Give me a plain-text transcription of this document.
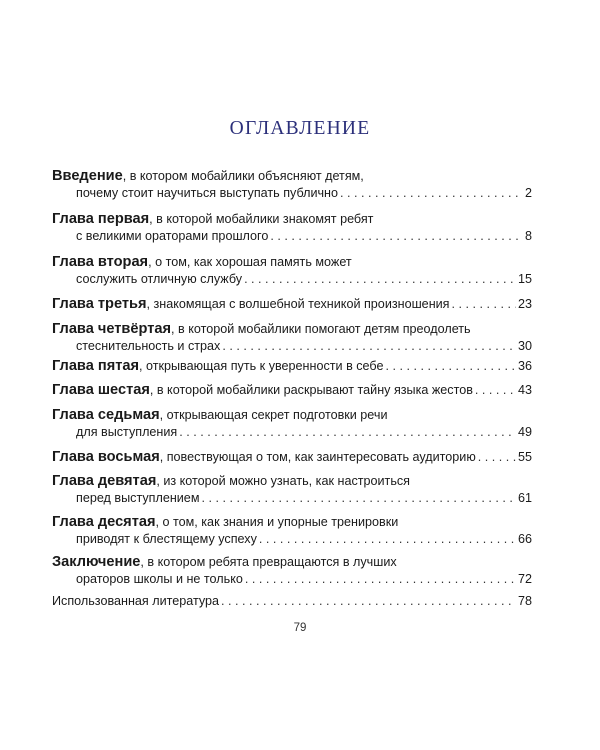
ОГЛАВЛЕНИЕ
Введение, в котором мобайлики объясняют детям,
почему стоит научиться выступать публично . . .	2
Глава первая, в которой мобайлики знакомят ребят
с великими ораторами прошлого . . .	8
Глава вторая, о том, как хорошая память может
сослужить отличную службу . . .	15
Глава третья, знакомящая с волшебной техникой произношения . . .	23
Глава четвёртая, в которой мобайлики помогают детям преодолеть
стеснительность и страх . . .	30
Глава пятая, открывающая путь к уверенности в себе . . .	36
Глава шестая, в которой мобайлики раскрывают тайну языка жестов . . .	43
Глава седьмая, открывающая секрет подготовки речи
для выступления . . .	49
Глава восьмая, повествующая о том, как заинтересовать аудиторию . . .	55
Глава девятая, из которой можно узнать, как настроиться
перед выступлением . . .	61
Глава десятая, о том, как знания и упорные тренировки
приводят к блестящему успеху . . .	66
Заключение, в котором ребята превращаются в лучших
ораторов школы и не только . . .	72
Использованная литература . . .	78
79
